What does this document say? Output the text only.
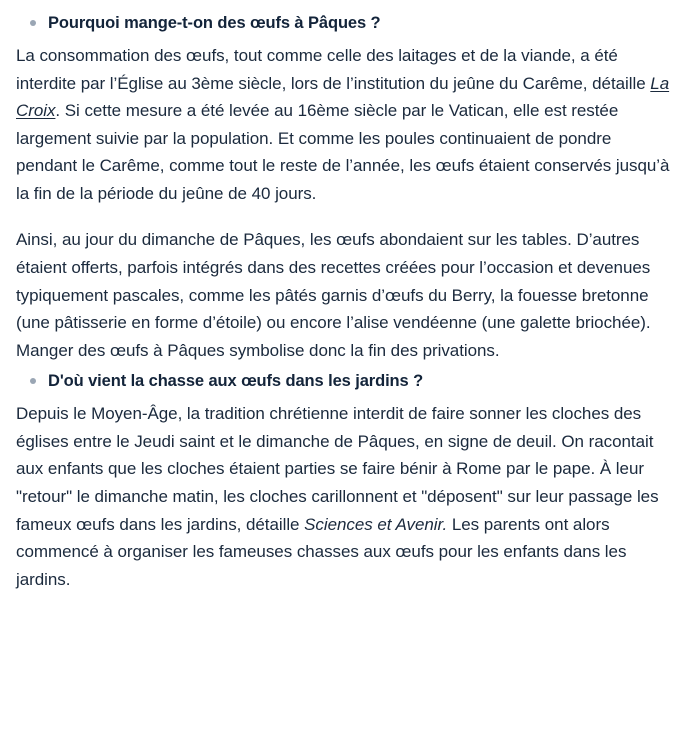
Pourquoi mange-t-on des œufs à Pâques ?

La consommation des œufs, tout comme celle des laitages et de la viande, a été interdite par l’Église au 3ème siècle, lors de l’institution du jeûne du Carême, détaille La Croix. Si cette mesure a été levée au 16ème siècle par le Vatican, elle est restée largement suivie par la population. Et comme les poules continuaient de pondre pendant le Carême, comme tout le reste de l’année, les œufs étaient conservés jusqu’à la fin de la période du jeûne de 40 jours.

Ainsi, au jour du dimanche de Pâques, les œufs abondaient sur les tables. D’autres étaient offerts, parfois intégrés dans des recettes créées pour l’occasion et devenues typiquement pascales, comme les pâtés garnis d’œufs du Berry, la fouesse bretonne (une pâtisserie en forme d’étoile) ou encore l’alise vendéenne (une galette briochée). Manger des œufs à Pâques symbolise donc la fin des privations.

D'où vient la chasse aux œufs dans les jardins ?

Depuis le Moyen-Âge, la tradition chrétienne interdit de faire sonner les cloches des églises entre le Jeudi saint et le dimanche de Pâques, en signe de deuil. On racontait aux enfants que les cloches étaient parties se faire bénir à Rome par le pape. À leur "retour" le dimanche matin, les cloches carillonnent et "déposent" sur leur passage les fameux œufs dans les jardins, détaille Sciences et Avenir. Les parents ont alors commencé à organiser les fameuses chasses aux œufs pour les enfants dans les jardins.
